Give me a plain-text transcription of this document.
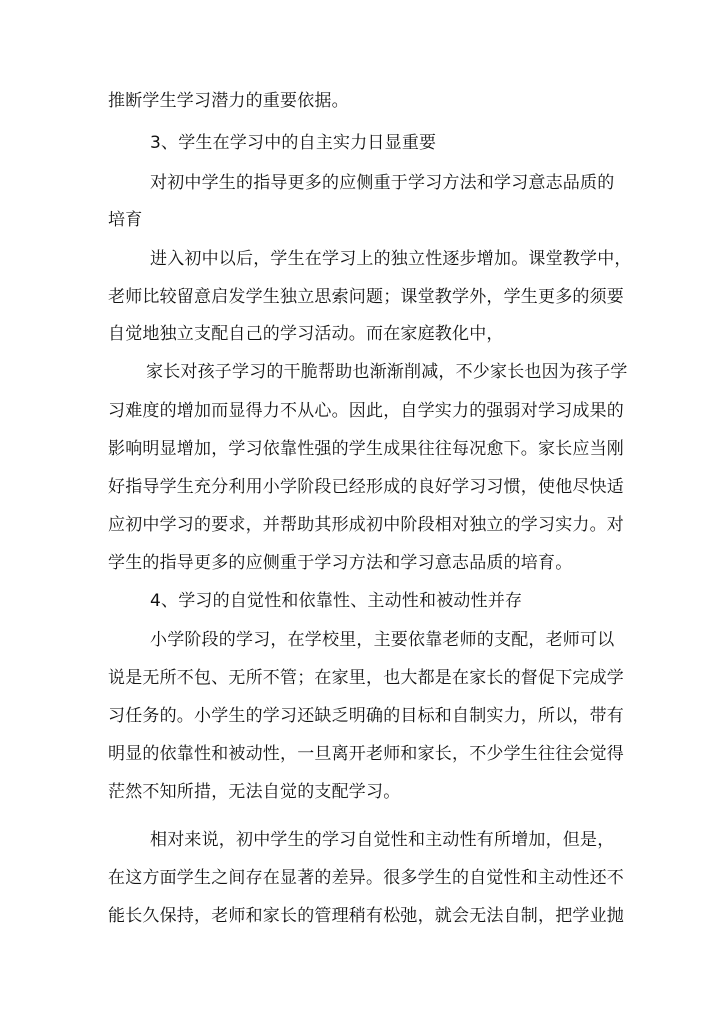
推断学生学习潜力的重要依据。
3、学生在学习中的自主实力日显重要
对初中学生的指导更多的应侧重于学习方法和学习意志品质的
培育
进入初中以后，学生在学习上的独立性逐步增加。课堂教学中，
老师比较留意启发学生独立思索问题；课堂教学外，学生更多的须要
自觉地独立支配自己的学习活动。而在家庭教化中，
家长对孩子学习的干脆帮助也渐渐削减，不少家长也因为孩子学
习难度的增加而显得力不从心。因此，自学实力的强弱对学习成果的
影响明显增加，学习依靠性强的学生成果往往每况愈下。家长应当刚
好指导学生充分利用小学阶段已经形成的良好学习习惯，使他尽快适
应初中学习的要求，并帮助其形成初中阶段相对独立的学习实力。对
学生的指导更多的应侧重于学习方法和学习意志品质的培育。
4、学习的自觉性和依靠性、主动性和被动性并存
小学阶段的学习，在学校里，主要依靠老师的支配，老师可以
说是无所不包、无所不管；在家里，也大都是在家长的督促下完成学
习任务的。小学生的学习还缺乏明确的目标和自制实力，所以，带有
明显的依靠性和被动性，一旦离开老师和家长，不少学生往往会觉得
茫然不知所措，无法自觉的支配学习。
相对来说，初中学生的学习自觉性和主动性有所增加，但是，
在这方面学生之间存在显著的差异。很多学生的自觉性和主动性还不
能长久保持，老师和家长的管理稍有松弛，就会无法自制，把学业抛
